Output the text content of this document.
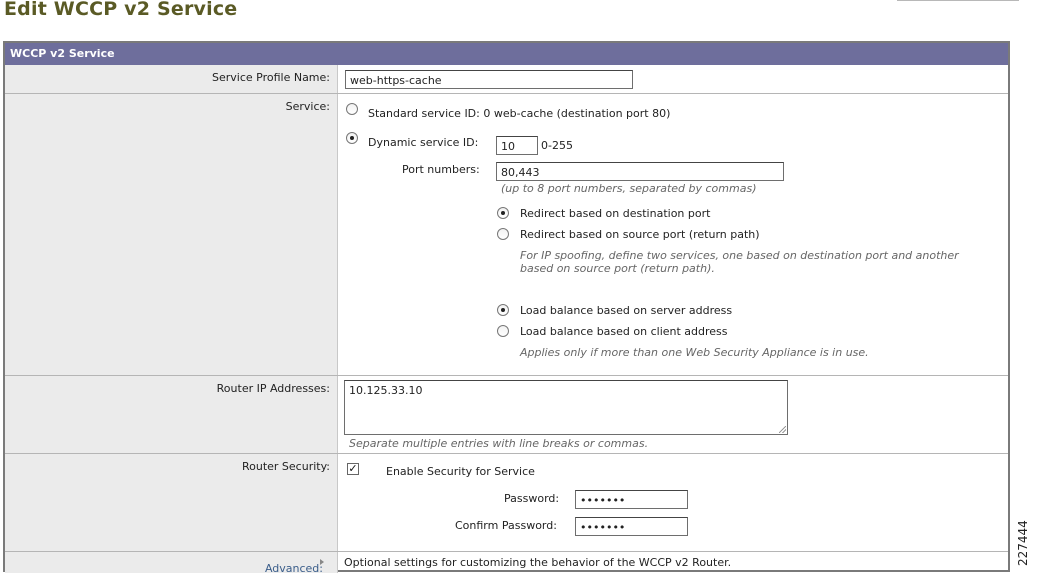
Edit WCCP v2 Service
WCCP v2 Service
Service Profile Name:	web-https-cache
Service:
Standard service ID: 0 web-cache (destination port 80)
Dynamic service ID:	10	0-255
Port numbers:	80,443
(up to 8 port numbers, separated by commas)
Redirect based on destination port
Redirect based on source port (return path)
For IP spoofing, define two services, one based on destination port and another
based on source port (return path).
Load balance based on server address
Load balance based on client address
Applies only if more than one Web Security Appliance is in use.
Router IP Addresses:	10.125.33.10
Separate multiple entries with line breaks or commas.
Router Security: ✓	Enable Security for Service
Password:	•••••••
Confirm Password:	•••••••
Advanced: Optional settings for customizing the behavior of the WCCP v2 Router.	227444
